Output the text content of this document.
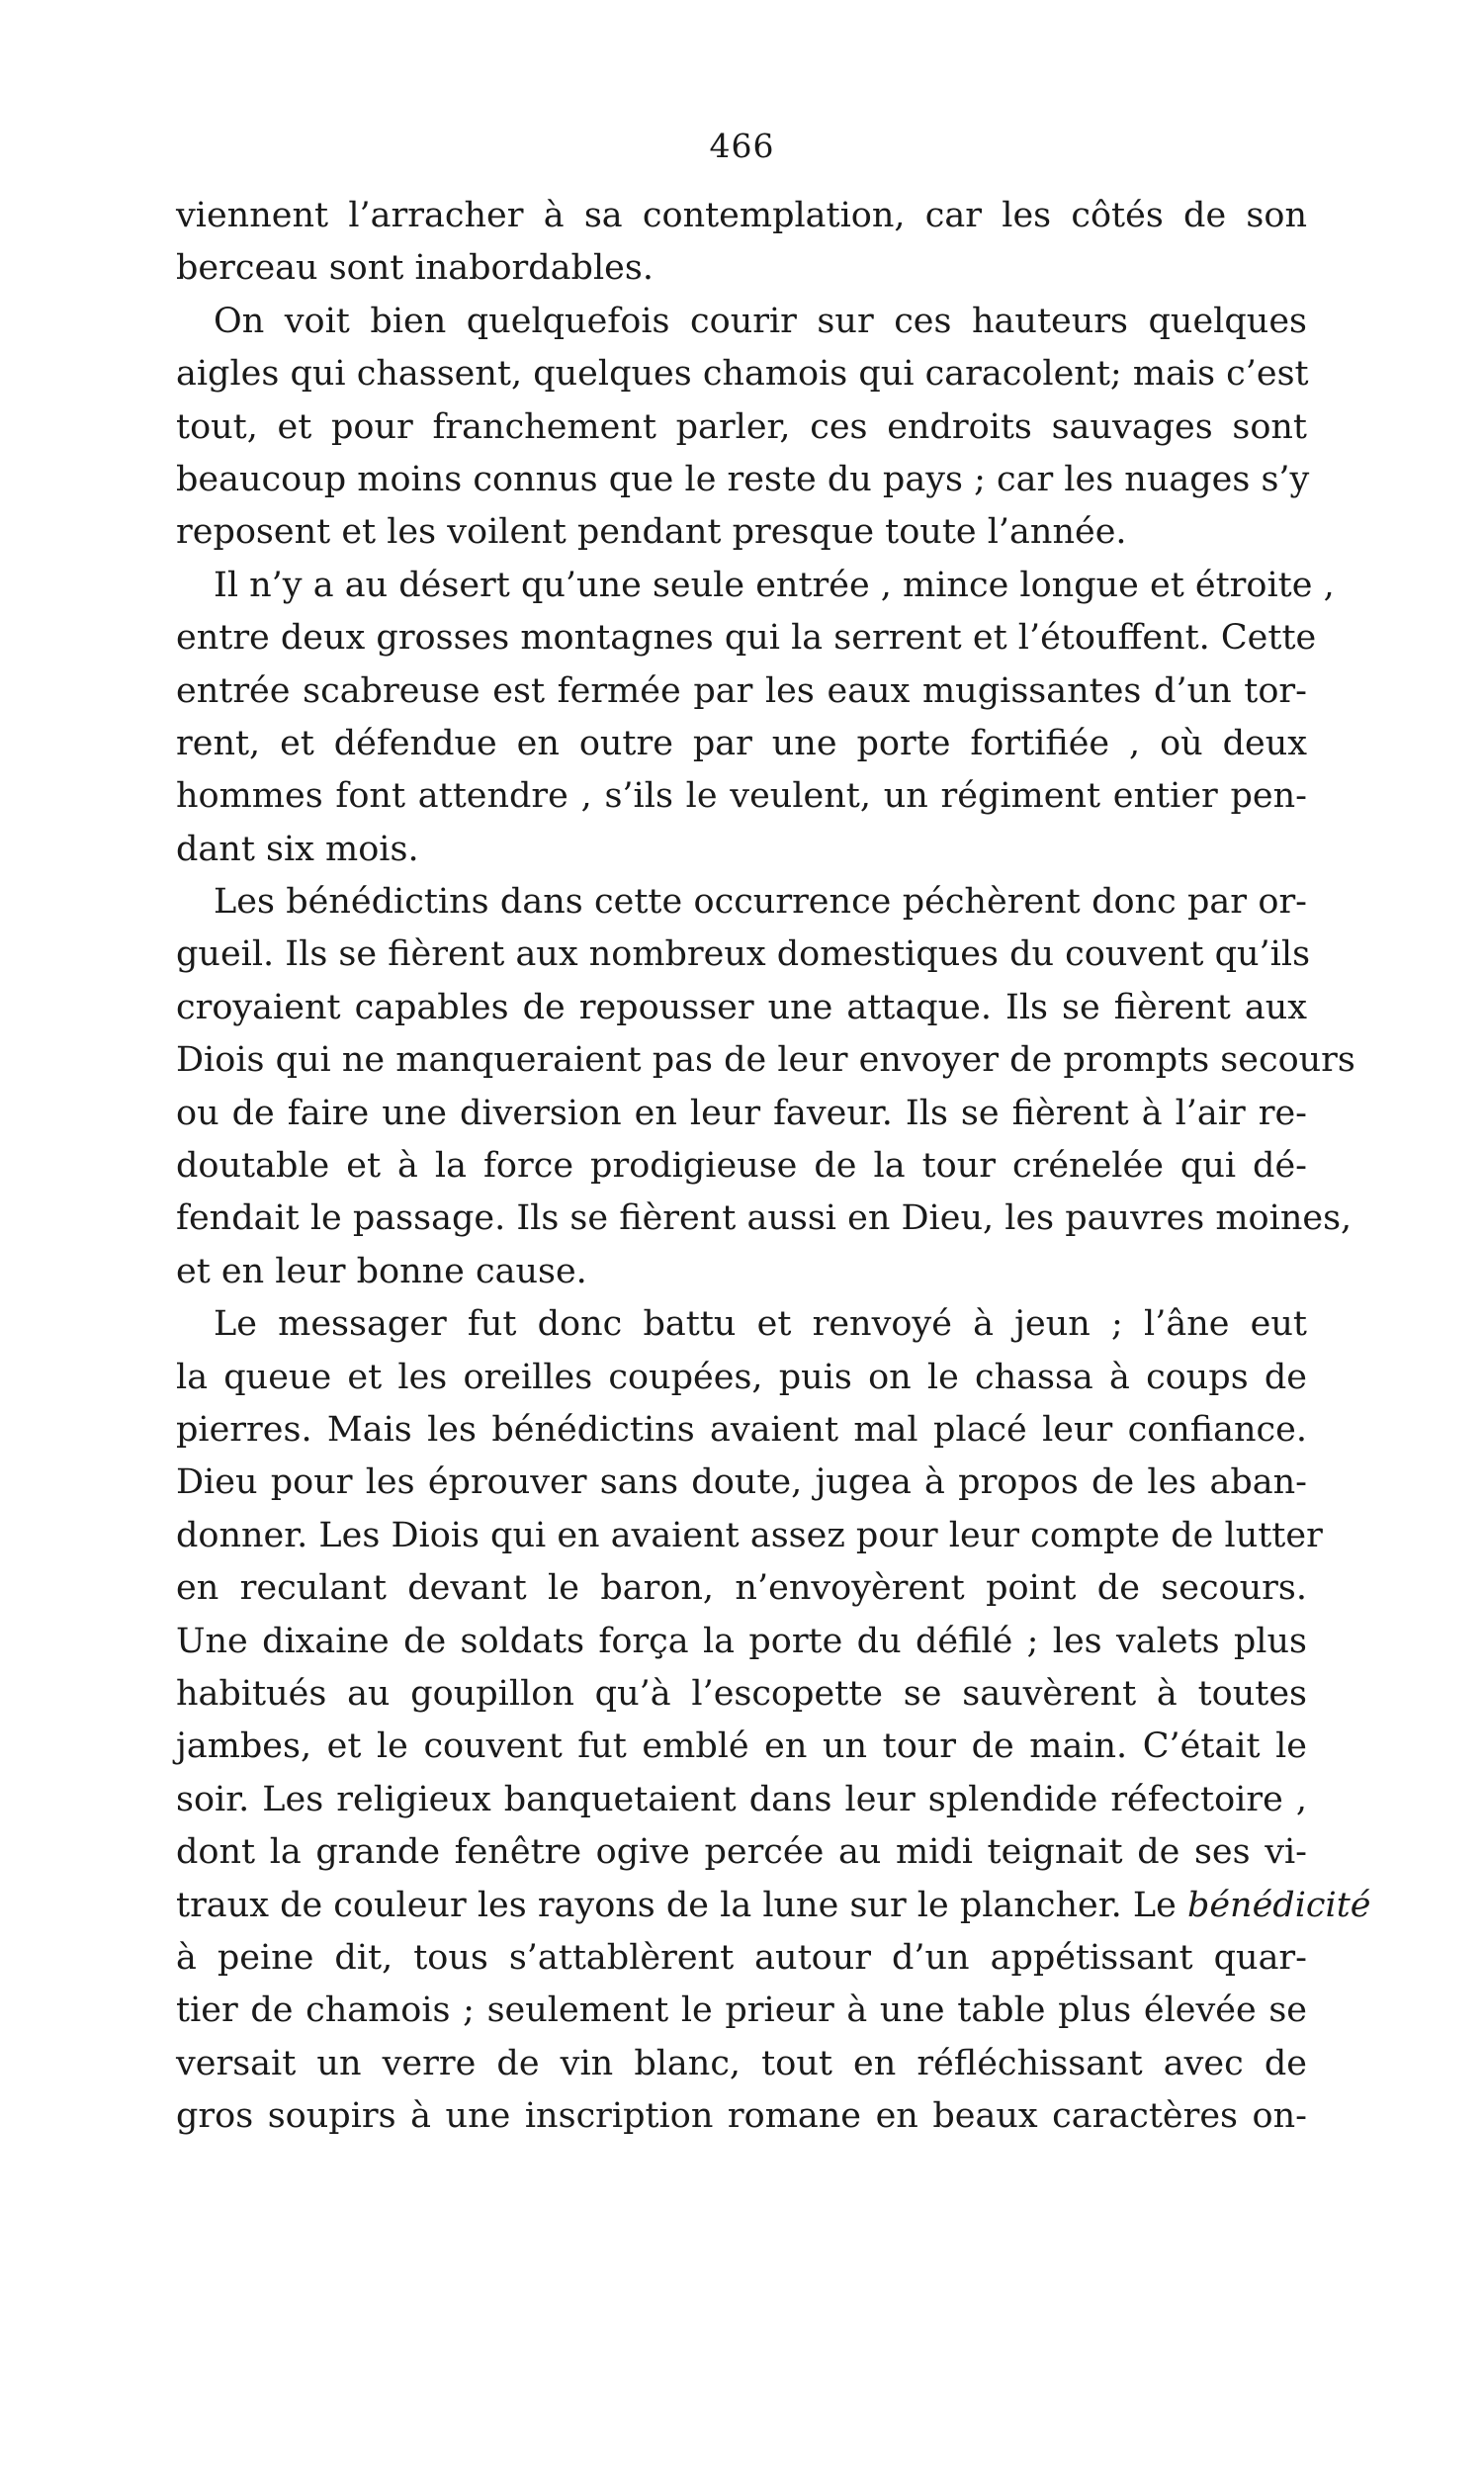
466
viennent l’arracher à sa contemplation, car les côtés de son
berceau sont inabordables.
On voit bien quelquefois courir sur ces hauteurs quelques
aigles qui chassent, quelques chamois qui caracolent; mais c’est
tout, et pour franchement parler, ces endroits sauvages sont
beaucoup moins connus que le reste du pays ; car les nuages s’y
reposent et les voilent pendant presque toute l’année.
Il n’y a au désert qu’une seule entrée , mince longue et étroite ,
entre deux grosses montagnes qui la serrent et l’étouffent. Cette
entrée scabreuse est fermée par les eaux mugissantes d’un tor-
rent, et défendue en outre par une porte fortifiée , où deux
hommes font attendre , s’ils le veulent, un régiment entier pen-
dant six mois.
Les bénédictins dans cette occurrence péchèrent donc par or-
gueil. Ils se fièrent aux nombreux domestiques du couvent qu’ils
croyaient capables de repousser une attaque. Ils se fièrent aux
Diois qui ne manqueraient pas de leur envoyer de prompts secours
ou de faire une diversion en leur faveur. Ils se fièrent à l’air re-
doutable et à la force prodigieuse de la tour crénelée qui dé-
fendait le passage. Ils se fièrent aussi en Dieu, les pauvres moines,
et en leur bonne cause.
Le messager fut donc battu et renvoyé à jeun ; l’âne eut
la queue et les oreilles coupées, puis on le chassa à coups de
pierres. Mais les bénédictins avaient mal placé leur confiance.
Dieu pour les éprouver sans doute, jugea à propos de les aban-
donner. Les Diois qui en avaient assez pour leur compte de lutter
en reculant devant le baron, n’envoyèrent point de secours.
Une dixaine de soldats força la porte du défilé ; les valets plus
habitués au goupillon qu’à l’escopette se sauvèrent à toutes
jambes, et le couvent fut emblé en un tour de main. C’était le
soir. Les religieux banquetaient dans leur splendide réfectoire ,
dont la grande fenêtre ogive percée au midi teignait de ses vi-
traux de couleur les rayons de la lune sur le plancher. Le bénédicité
à peine dit, tous s’attablèrent autour d’un appétissant quar-
tier de chamois ; seulement le prieur à une table plus élevée se
versait un verre de vin blanc, tout en réfléchissant avec de
gros soupirs à une inscription romane en beaux caractères on-
